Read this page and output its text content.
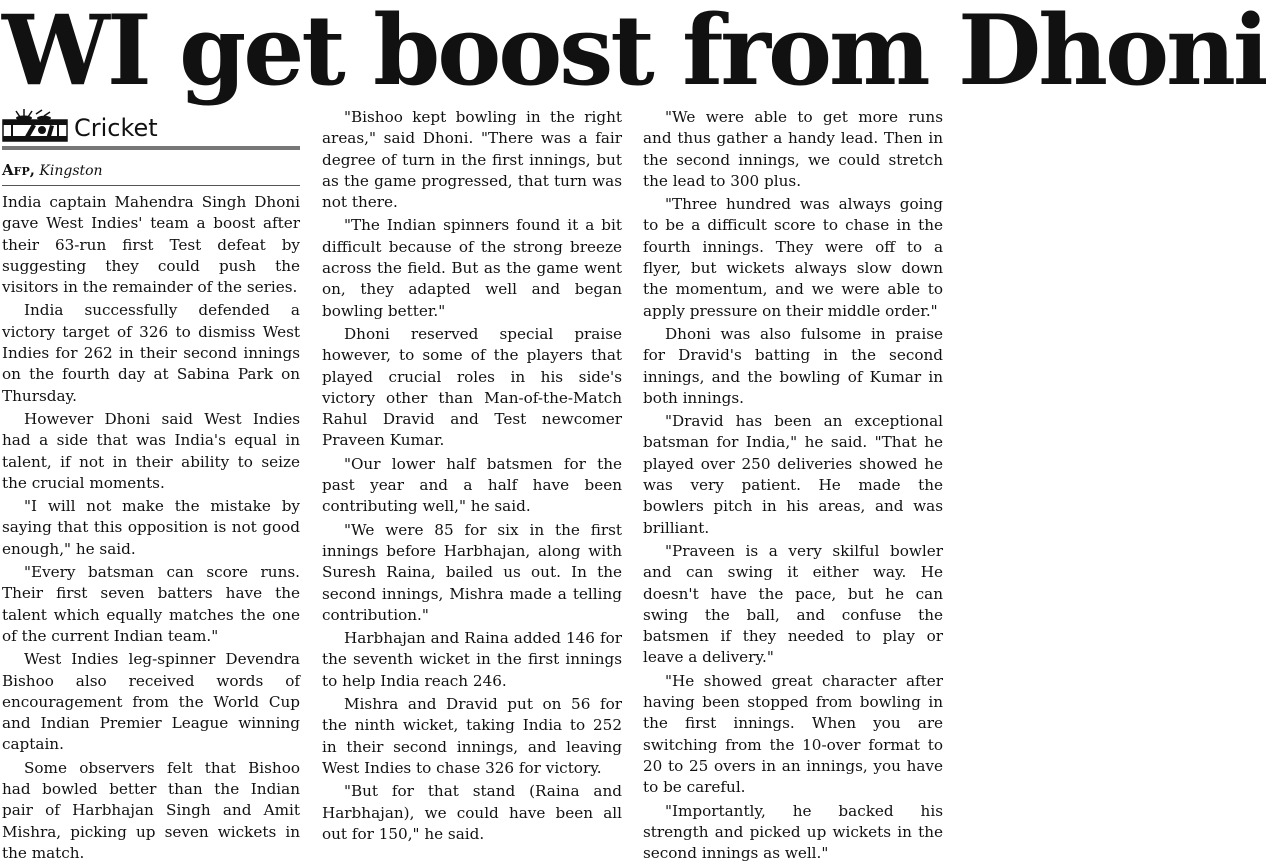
WI get boost from Dhoni
Cricket
Afp, Kingston

India captain Mahendra Singh Dhoni gave West Indies' team a boost after their 63-run first Test defeat by suggesting they could push the visitors in the remainder of the series.

India successfully defended a victory target of 326 to dismiss West Indies for 262 in their second innings on the fourth day at Sabina Park on Thursday.

However Dhoni said West Indies had a side that was India's equal in talent, if not in their ability to seize the crucial moments.

"I will not make the mistake by saying that this opposition is not good enough," he said.

"Every batsman can score runs. Their first seven batters have the talent which equally matches the one of the current Indian team."

West Indies leg-spinner Devendra Bishoo also received words of encouragement from the World Cup and Indian Premier League winning captain.

Some observers felt that Bishoo had bowled better than the Indian pair of Harbhajan Singh and Amit Mishra, picking up seven wickets in the match.

"Bishoo kept bowling in the right areas," said Dhoni. "There was a fair degree of turn in the first innings, but as the game progressed, that turn was not there.

"The Indian spinners found it a bit difficult because of the strong breeze across the field. But as the game went on, they adapted well and began bowling better."

Dhoni reserved special praise however, to some of the players that played crucial roles in his side's victory other than Man-of-the-Match Rahul Dravid and Test newcomer Praveen Kumar.

"Our lower half batsmen for the past year and a half have been contributing well," he said.

"We were 85 for six in the first innings before Harbhajan, along with Suresh Raina, bailed us out. In the second innings, Mishra made a telling contribution."

Harbhajan and Raina added 146 for the seventh wicket in the first innings to help India reach 246.

Mishra and Dravid put on 56 for the ninth wicket, taking India to 252 in their second innings, and leaving West Indies to chase 326 for victory.

"But for that stand (Raina and Harbhajan), we could have been all out for 150," he said.

"We were able to get more runs and thus gather a handy lead. Then in the second innings, we could stretch the lead to 300 plus.

"Three hundred was always going to be a difficult score to chase in the fourth innings. They were off to a flyer, but wickets always slow down the momentum, and we were able to apply pressure on their middle order."

Dhoni was also fulsome in praise for Dravid's batting in the second innings, and the bowling of Kumar in both innings.

"Dravid has been an exceptional batsman for India," he said. "That he played over 250 deliveries showed he was very patient. He made the bowlers pitch in his areas, and was brilliant.

"Praveen is a very skilful bowler and can swing it either way. He doesn't have the pace, but he can swing the ball, and confuse the batsmen if they needed to play or leave a delivery."

"He showed great character after having been stopped from bowling in the first innings. When you are switching from the 10-over format to 20 to 25 overs in an innings, you have to be careful.

"Importantly, he backed his strength and picked up wickets in the second innings as well."
